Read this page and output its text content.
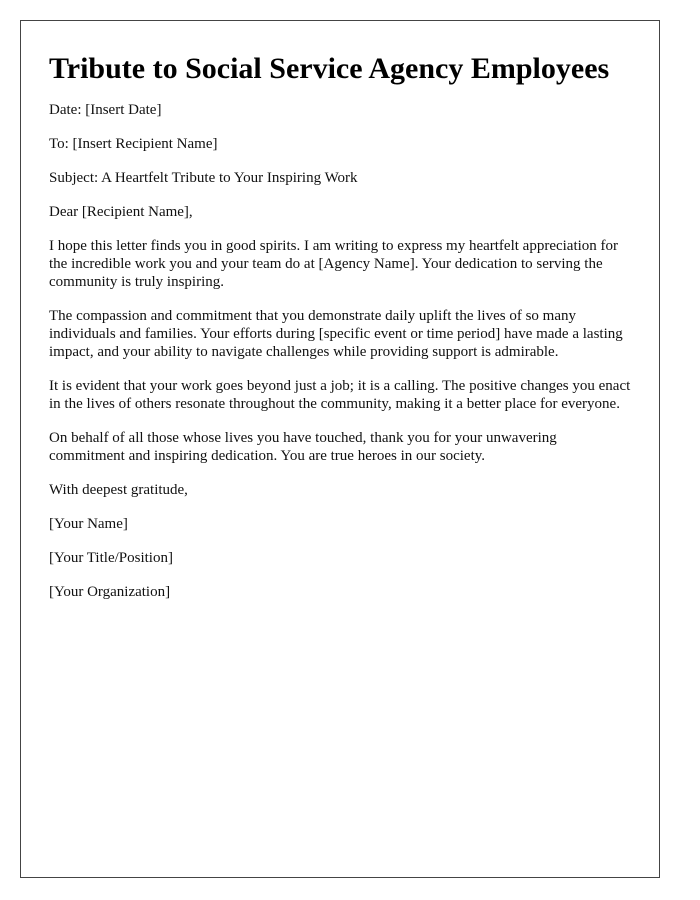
Tribute to Social Service Agency Employees

Date: [Insert Date]

To: [Insert Recipient Name]

Subject: A Heartfelt Tribute to Your Inspiring Work

Dear [Recipient Name],

I hope this letter finds you in good spirits. I am writing to express my heartfelt appreciation for the incredible work you and your team do at [Agency Name]. Your dedication to serving the community is truly inspiring.

The compassion and commitment that you demonstrate daily uplift the lives of so many individuals and families. Your efforts during [specific event or time period] have made a lasting impact, and your ability to navigate challenges while providing support is admirable.

It is evident that your work goes beyond just a job; it is a calling. The positive changes you enact in the lives of others resonate throughout the community, making it a better place for everyone.

On behalf of all those whose lives you have touched, thank you for your unwavering commitment and inspiring dedication. You are true heroes in our society.

With deepest gratitude,

[Your Name]

[Your Title/Position]

[Your Organization]
